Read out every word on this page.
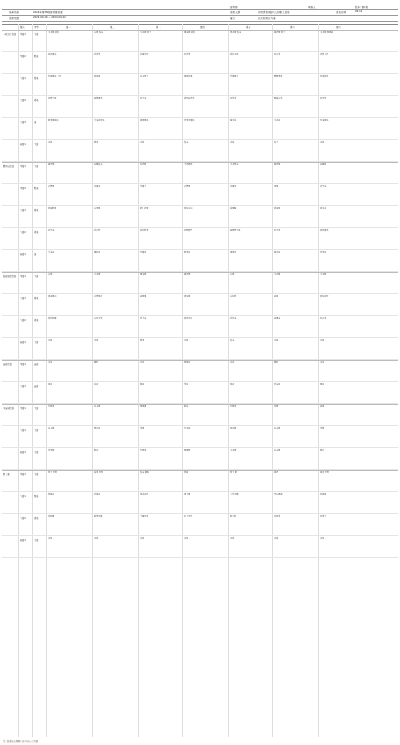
菜单名称	2024年第38周营养餐食谱
适用范围	2024-09-16 ~ 2024-09-22
营养师	审核人	版本: 第1版
适用人群	住院患者/陪护人员/职工食堂	发布日期	09-14
备注	以实际供应为准
餐次	类型	周一	周二	周三	周四	周五	周六	周日
一般治疗饮食 早餐1	主食	小米粥 花卷	白粥 馒头	玉米粥 包子	南瓜粥 花卷	黑米粥 馒头	燕麦粥 包子	小米粥 鸡蛋饼
早餐2	配菜	凉拌黄瓜	炒青菜	拌海带丝	炒豆芽	凉拌木耳	炒白菜	拌萝卜丝
午餐1	荤菜	红烧鸡块 土豆	清蒸鱼	肉末茄子	番茄炒蛋	宫保鸡丁	糖醋里脊	红烧排骨
午餐2	素菜	炒西兰花	蒜蓉菠菜	炒冬瓜	清炒油麦菜	炒芹菜	醋溜白菜	炒豆角
午餐3	汤	紫菜蛋花汤	冬瓜排骨汤	番茄蛋汤	青菜豆腐汤	海带汤	玉米汤	丝瓜蛋汤
晚餐1	主食	米饭	面条	米饭	馒头	米饭	饺子	米饭
糖尿病饮食	早餐1	主食	燕麦粥	杂粮馒头	荞麦面	全麦面包	玉米窝头	燕麦粥	杂粮饭
早餐2	配菜	水煮蛋	拌黄瓜	豆腐干	水煮蛋	拌菠菜	卤蛋	拌苦瓜
午餐1	荤菜	清蒸鲈鱼	白切鸡	虾仁炒蛋	清炖牛肉	蒸鸡胸	清蒸鱼	卤牛肉
午餐2	素菜	炒苦瓜	炒芥蓝	凉拌秋葵	炒西葫芦	蒜蓉西兰花	炒生菜	清炒菠菜
晚餐1	汤	冬瓜汤	菌菇汤	豆腐汤	紫菜汤	番茄汤	海带汤	青菜汤
低盐低脂饮食 早餐1	主食	白粥	小米粥	南瓜粥	燕麦粥	白粥	玉米粥	小米粥
午餐1	荤菜	清蒸鸡肉	水煮鱼片	蒸蛋羹	清炖鸡	白灼虾	蒸鱼	清炖排骨
午餐2	素菜	清炒时蔬	白灼生菜	炒冬瓜	清炒豆苗	炒丝瓜	蒸南瓜	炒白菜
晚餐1	主食	米饭	米饭	面条	米饭	馒头	米饭	米饭
流质饮食	早餐1	流食	米汤	藕粉	米汤	蛋花汤	米汤	藕粉	米汤
午餐1	流食	鱼汤	肉汤	鸡汤	菜汤	鱼汤	骨头汤	鸡汤
半流质饮食	早餐1	主食	烂面条	肉末粥	鸡蛋羹	馄饨	烂面条	菜粥	蒸蛋
午餐1	主食	肉末粥	面片汤	菜粥	烂米饭	鱼肉粥	肉末面	菜粥
晚餐1	主食	青菜粥	馄饨	烂面条	鸡蛋面	小米粥	肉末粥	面片
职工餐	早餐1	主食	包子 豆浆	油条 豆浆	馒头 稀饭	煎饼	包子 粥	烧麦	花卷 豆浆
午餐1	荤菜	回锅肉	红烧肉	鱼香肉丝	辣子鸡	土豆牛腩	可乐鸡翅	红烧鱼
午餐2	素菜	炒时蔬	麻婆豆腐	干煸豆角	炒土豆丝	地三鲜	炒花菜	炒茄子
晚餐1	主食	米饭	米饭	米饭	米饭	米饭	米饭	米饭
注: 食谱如有调整, 以当日公示为准
